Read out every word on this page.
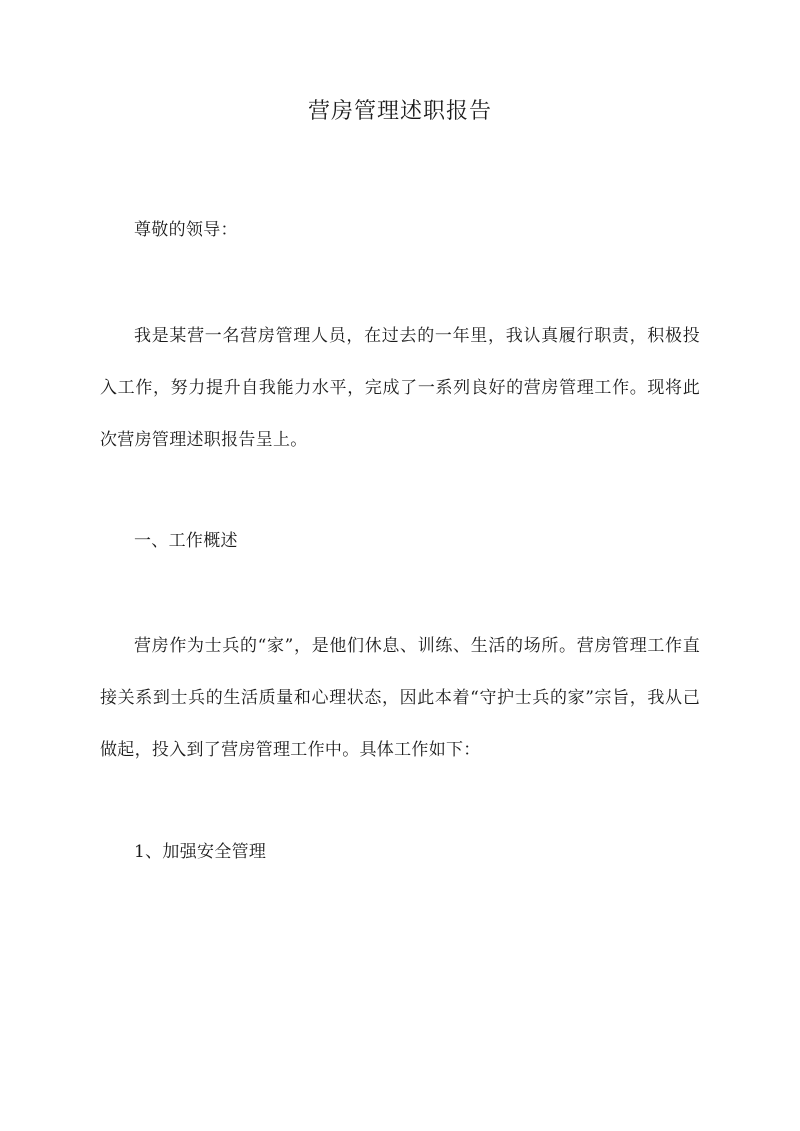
营房管理述职报告
尊敬的领导：
我是某营一名营房管理人员，在过去的一年里，我认真履行职责，积极投入工作，努力提升自我能力水平，完成了一系列良好的营房管理工作。现将此次营房管理述职报告呈上。
一、工作概述
营房作为士兵的“家”，是他们休息、训练、生活的场所。营房管理工作直接关系到士兵的生活质量和心理状态，因此本着“守护士兵的家”宗旨，我从己做起，投入到了营房管理工作中。具体工作如下：
1、加强安全管理
